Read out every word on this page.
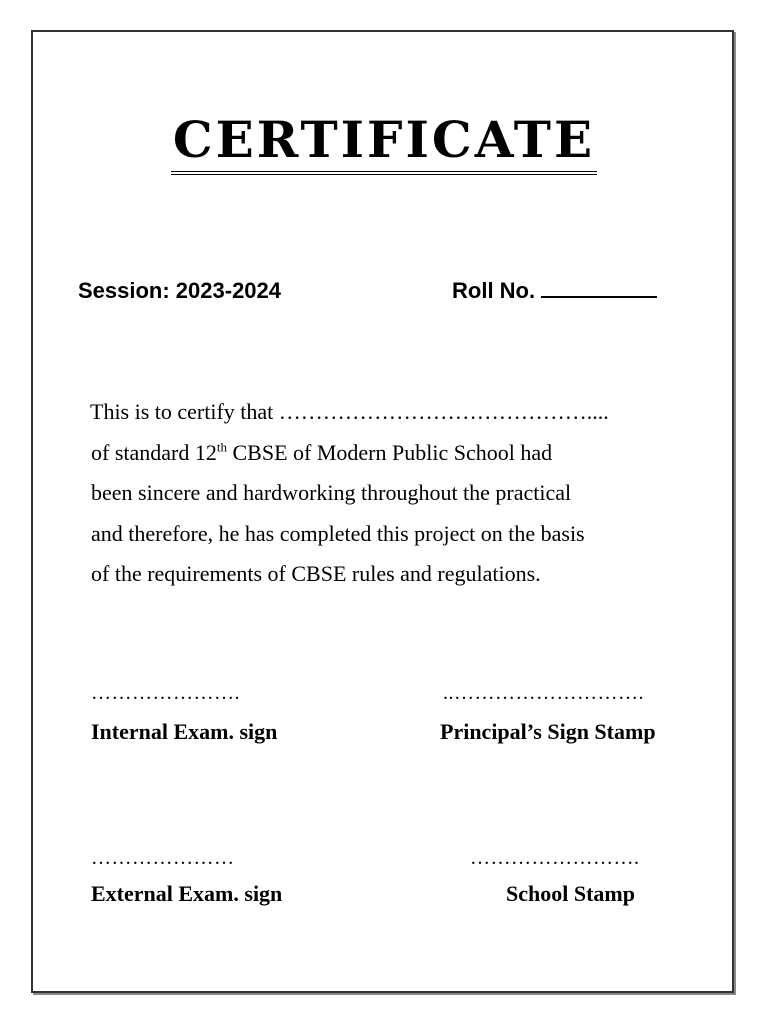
CERTIFICATE
Session: 2023-2024	Roll No.
This is to certify that ……………………………………....
of standard 12th CBSE of Modern Public School had
been sincere and hardworking throughout the practical
and therefore, he has completed this project on the basis
of the requirements of CBSE rules and regulations.
………………….
Internal Exam. sign
..……………………….
Principal’s Sign Stamp
…………………
External Exam. sign
…………………….
School Stamp
